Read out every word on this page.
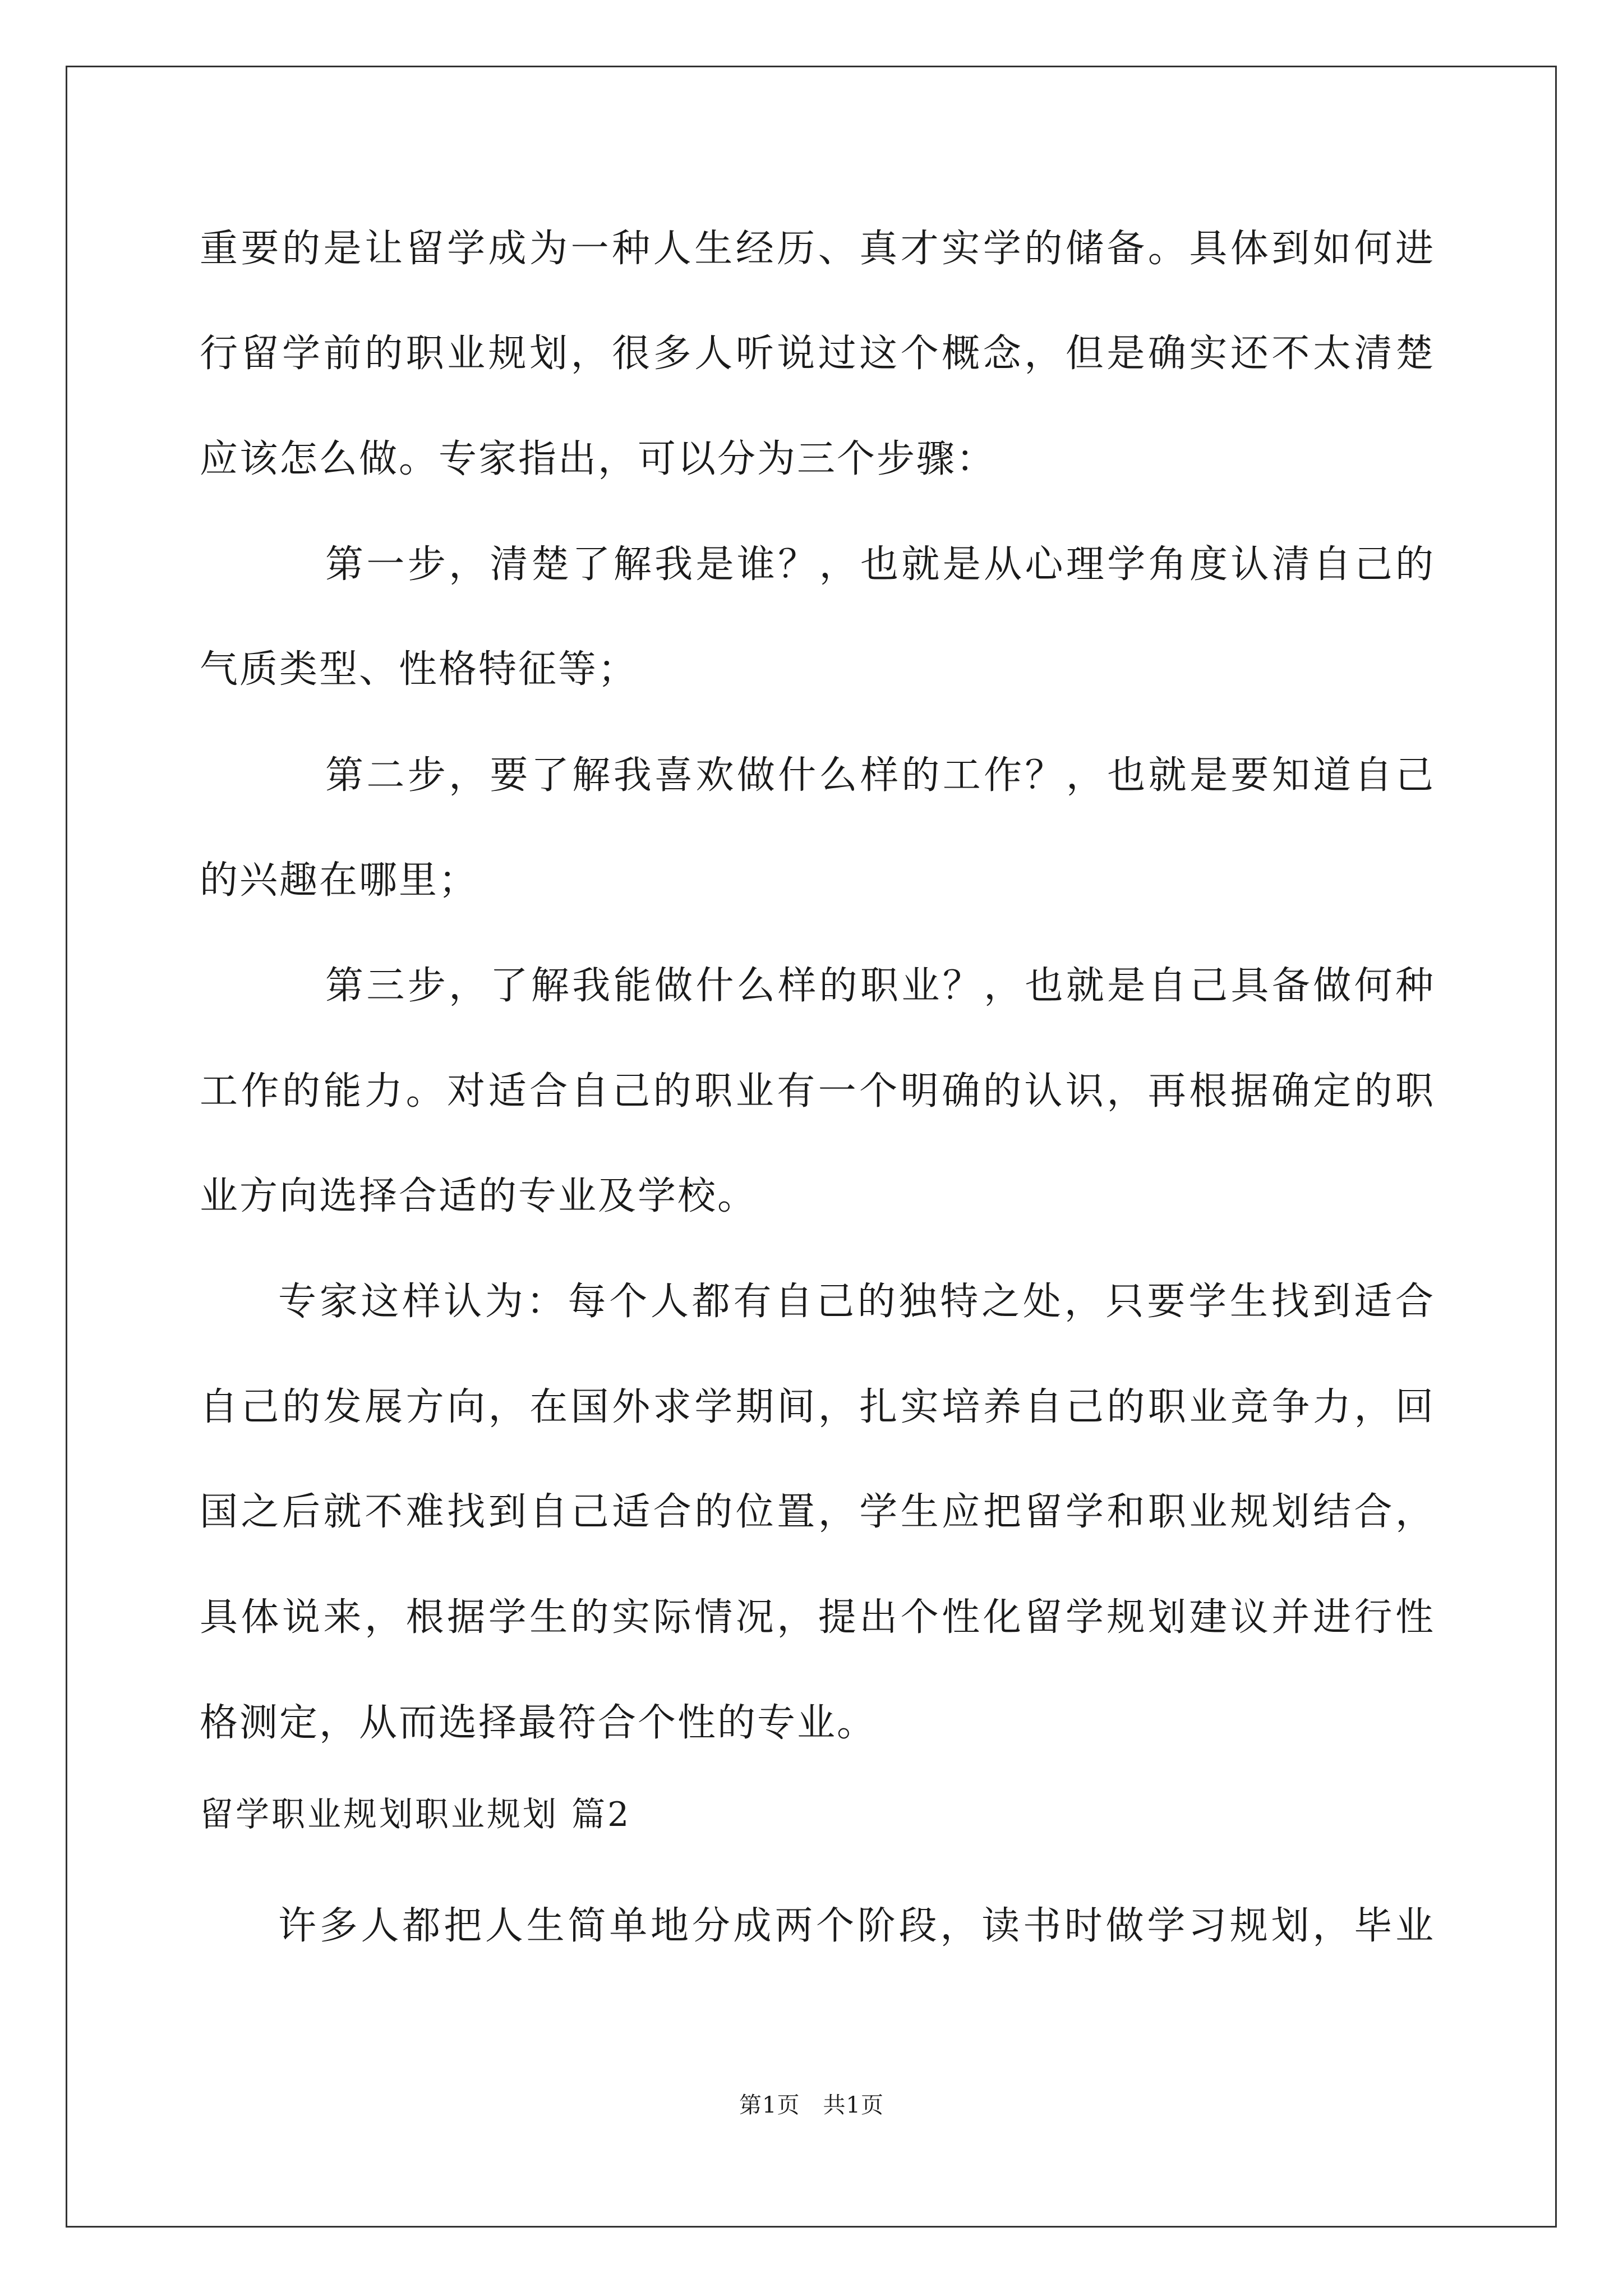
重要的是让留学成为一种人生经历、真才实学的储备。具体到如何进
行留学前的职业规划，很多人听说过这个概念，但是确实还不太清楚
应该怎么做。专家指出，可以分为三个步骤：
第一步，清楚了解我是谁？，也就是从心理学角度认清自己的
气质类型、性格特征等；
第二步，要了解我喜欢做什么样的工作？，也就是要知道自己
的兴趣在哪里；
第三步，了解我能做什么样的职业？，也就是自己具备做何种
工作的能力。对适合自己的职业有一个明确的认识，再根据确定的职
业方向选择合适的专业及学校。
专家这样认为：每个人都有自己的独特之处，只要学生找到适合
自己的发展方向，在国外求学期间，扎实培养自己的职业竞争力，回
国之后就不难找到自己适合的位置，学生应把留学和职业规划结合，
具体说来，根据学生的实际情况，提出个性化留学规划建议并进行性
格测定，从而选择最符合个性的专业。
留学职业规划职业规划 篇2
许多人都把人生简单地分成两个阶段，读书时做学习规划，毕业
第1页　共1页
